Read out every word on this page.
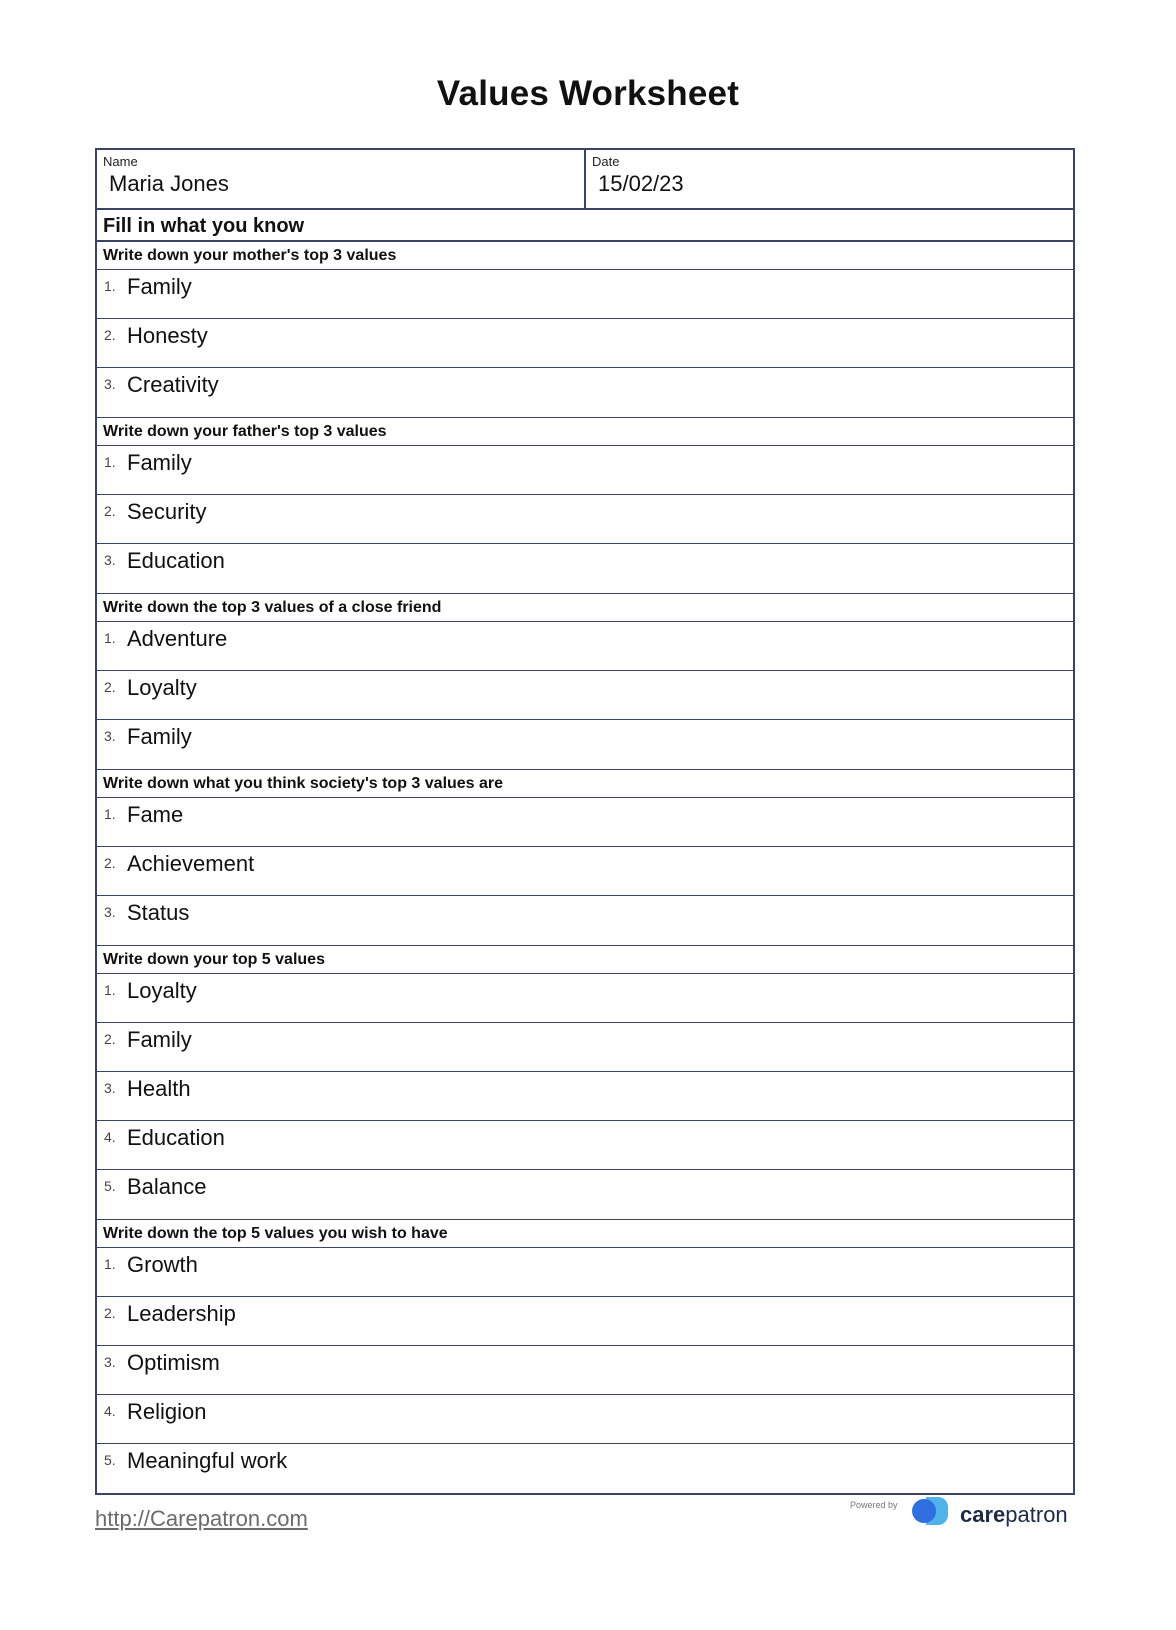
Values Worksheet
Name
Maria Jones
Date
15/02/23
Fill in what you know
Write down your mother's top 3 values
1. Family
2. Honesty
3. Creativity
Write down your father's top 3 values
1. Family
2. Security
3. Education
Write down the top 3 values of a close friend
1. Adventure
2. Loyalty
3. Family
Write down what you think society's top 3 values are
1. Fame
2. Achievement
3. Status
Write down your top 5 values
1. Loyalty
2. Family
3. Health
4. Education
5. Balance
Write down the top 5 values you wish to have
1. Growth
2. Leadership
3. Optimism
4. Religion
5. Meaningful work
http://Carepatron.com
Powered by	carepatron
